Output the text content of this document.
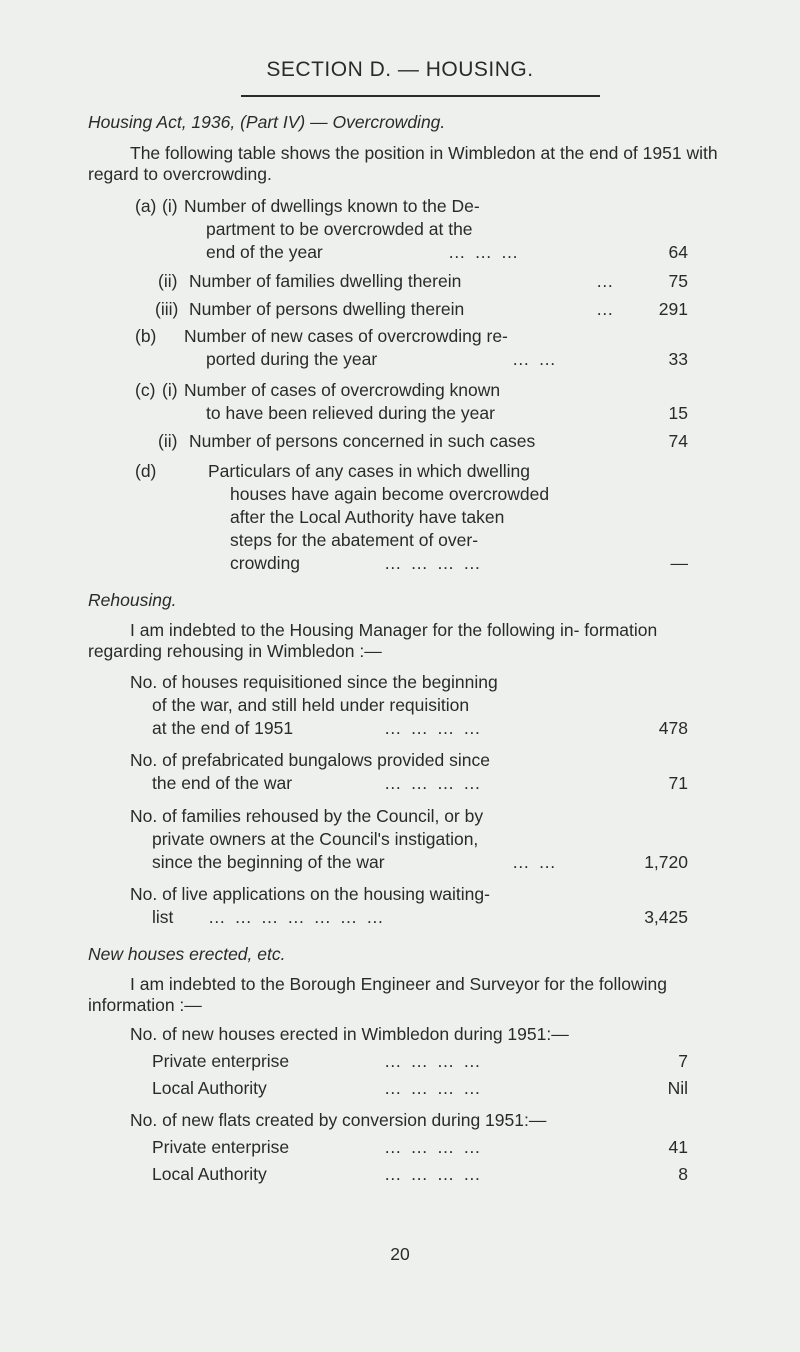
SECTION D. — HOUSING.
Housing Act, 1936, (Part IV) — Overcrowding.
The following table shows the position in Wimbledon at the end of 1951 with regard to overcrowding.
(a) (i) Number of dwellings known to the De-
partment to be overcrowded at the
end of the year	… … …	64
(ii) Number of families dwelling therein	…	75
(iii) Number of persons dwelling therein	…	291
(b) Number of new cases of overcrowding re-
ported during the year	… …	33
(c) (i) Number of cases of overcrowding known
to have been relieved during the year	15
(ii) Number of persons concerned in such cases	74
(d)	Particulars of any cases in which dwelling
houses have again become overcrowded
after the Local Authority have taken
steps for the abatement of over-
crowding	… … … …	—
Rehousing.
I am indebted to the Housing Manager for the following in- formation regarding rehousing in Wimbledon :—
No. of houses requisitioned since the beginning
of the war, and still held under requisition
at the end of 1951	… … … …	478
No. of prefabricated bungalows provided since
the end of the war	… … … …	71
No. of families rehoused by the Council, or by
private owners at the Council's instigation,
since the beginning of the war	… …	1,720
No. of live applications on the housing waiting-
list … … … … … … …	3,425
New houses erected, etc.
I am indebted to the Borough Engineer and Surveyor for the following information :—
No. of new houses erected in Wimbledon during 1951:—
Private enterprise	… … … …	7
Local Authority	… … … …	Nil
No. of new flats created by conversion during 1951:—
Private enterprise	… … … …	41
Local Authority	… … … …	8
20
